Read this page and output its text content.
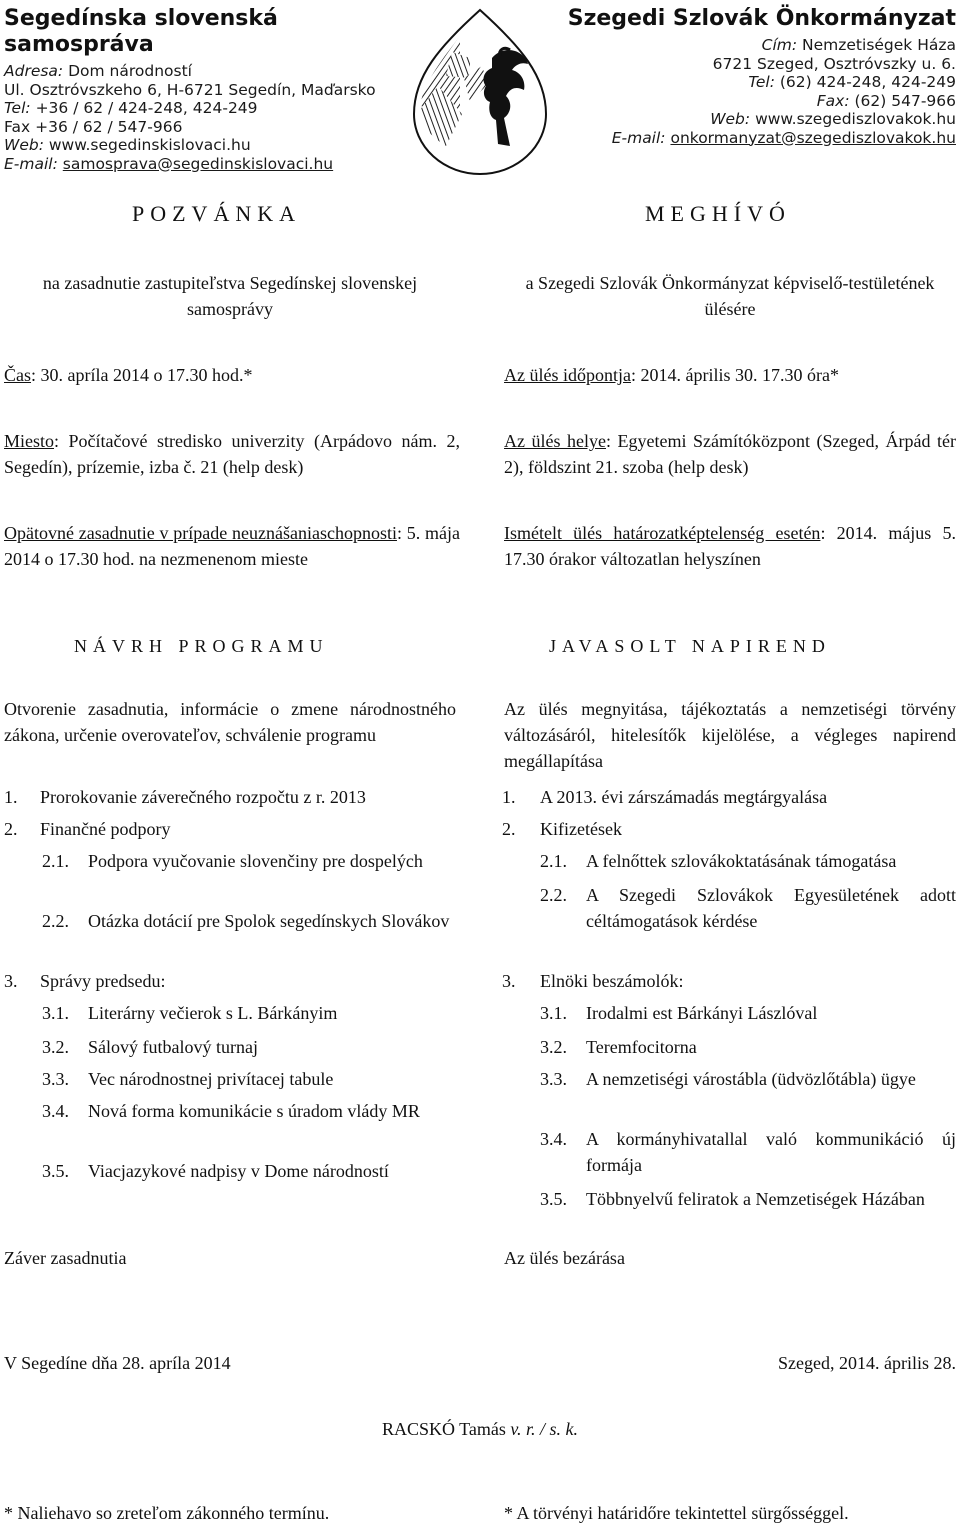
Segedínska slovenská samospráva
Adresa: Dom národností
Ul. Osztróvszkeho 6, H-6721 Segedín, Maďarsko
Tel: +36 / 62 / 424-248, 424-249
Fax +36 / 62 / 547-966
Web: www.segedinskislovaci.hu
E-mail: samosprava@segedinskislovaci.hu
Szegedi Szlovák Önkormányzat
Cím: Nemzetiségek Háza
6721 Szeged, Osztróvszky u. 6.
Tel: (62) 424-248, 424-249
Fax: (62) 547-966
Web: www.szegediszlovakok.hu
E-mail: onkormanyzat@szegediszlovakok.hu
POZVÁNKA	MEGHÍVÓ
na zasadnutie zastupiteľstva Segedínskej slovenskej samosprávy
a Szegedi Szlovák Önkormányzat képviselő-testületének ülésére
Čas: 30. apríla 2014 o 17.30 hod.*	Az ülés időpontja: 2014. április 30. 17.30 óra*
Miesto: Počítačové stredisko univerzity (Arpádovo nám. 2, Segedín), prízemie, izba č. 21 (help desk)
Az ülés helye: Egyetemi Számítóközpont (Szeged, Árpád tér 2), földszint 21. szoba (help desk)
Opätovné zasadnutie v prípade neuznášaniaschopnosti: 5. mája 2014 o 17.30 hod. na nezmenenom mieste
Ismételt ülés határozatképtelenség esetén: 2014. május 5. 17.30 órakor változatlan helyszínen
NÁVRH PROGRAMU	JAVASOLT NAPIREND
Otvorenie zasadnutia, informácie o zmene národnostného zákona, určenie overovateľov, schválenie programu
Az ülés megnyitása, tájékoztatás a nemzetiségi törvény változásáról, hitelesítők kijelölése, a végleges napirend megállapítása
1. Prorokovanie záverečného rozpočtu z r. 2013
2. Finančné podpory
2.1. Podpora vyučovanie slovenčiny pre dospelých
2.2. Otázka dotácií pre Spolok segedínskych Slovákov
3. Správy predsedu:
3.1. Literárny večierok s L. Bárkányim
3.2. Sálový futbalový turnaj
3.3. Vec národnostnej privítacej tabule
3.4. Nová forma komunikácie s úradom vlády MR
3.5. Viacjazykové nadpisy v Dome národností
1. A 2013. évi zárszámadás megtárgyalása
2. Kifizetések
2.1. A felnőttek szlovákoktatásának támogatása
2.2. A Szegedi Szlovákok Egyesületének adott céltámogatások kérdése
3. Elnöki beszámolók:
3.1. Irodalmi est Bárkányi Lászlóval
3.2. Teremfocitorna
3.3. A nemzetiségi várostábla (üdvözlőtábla) ügye
3.4. A kormányhivatallal való kommunikáció új formája
3.5. Többnyelvű feliratok a Nemzetiségek Házában
Záver zasadnutia	Az ülés bezárása
V Segedíne dňa 28. apríla 2014	Szeged, 2014. április 28.
RACSKÓ Tamás v. r. / s. k.
* Naliehavo so zreteľom zákonného termínu.	* A törvényi határidőre tekintettel sürgősséggel.
